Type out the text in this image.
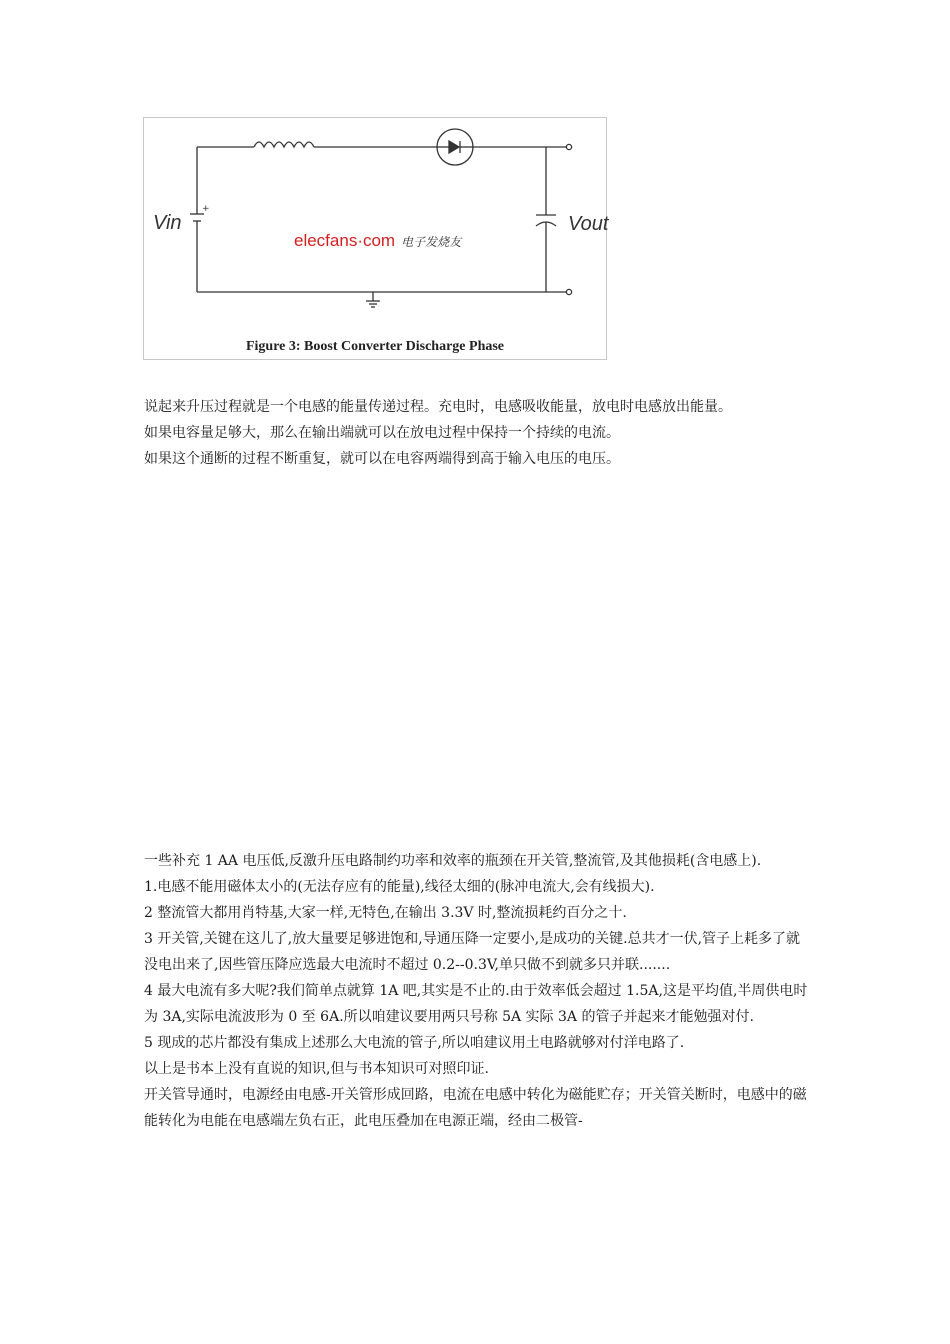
+
Vin	Vout
elecfans·com 电子发烧友
Figure 3: Boost Converter Discharge Phase

说起来升压过程就是一个电感的能量传递过程。充电时，电感吸收能量，放电时电感放出能量。

如果电容量足够大，那么在输出端就可以在放电过程中保持一个持续的电流。

如果这个通断的过程不断重复，就可以在电容两端得到高于输入电压的电压。

一些补充 1 AA 电压低,反激升压电路制约功率和效率的瓶颈在开关管,整流管,及其他损耗(含电感上).

1.电感不能用磁体太小的(无法存应有的能量),线径太细的(脉冲电流大,会有线损大).

2 整流管大都用肖特基,大家一样,无特色,在输出 3.3V 时,整流损耗约百分之十.

3 开关管,关键在这儿了,放大量要足够进饱和,导通压降一定要小,是成功的关键.总共才一伏,管子上耗多了就没电出来了,因些管压降应选最大电流时不超过 0.2--0.3V,单只做不到就多只并联.......

4 最大电流有多大呢?我们简单点就算 1A 吧,其实是不止的.由于效率低会超过 1.5A,这是平均值,半周供电时为 3A,实际电流波形为 0 至 6A.所以咱建议要用两只号称 5A 实际 3A 的管子并起来才能勉强对付.

5 现成的芯片都没有集成上述那么大电流的管子,所以咱建议用土电路就够对付洋电路了.

以上是书本上没有直说的知识,但与书本知识可对照印证.

开关管导通时，电源经由电感-开关管形成回路，电流在电感中转化为磁能贮存；开关管关断时，电感中的磁能转化为电能在电感端左负右正，此电压叠加在电源正端，经由二极管-
